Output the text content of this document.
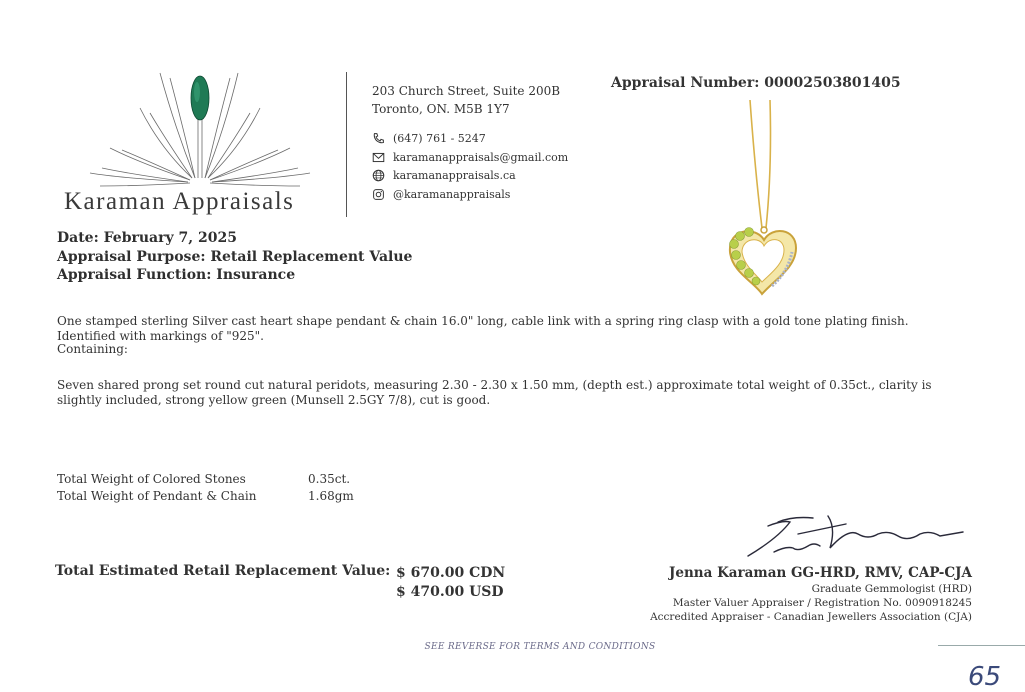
Karaman Appraisals
203 Church Street, Suite 200B
Toronto, ON. M5B 1Y7
(647) 761 - 5247
karamanappraisals@gmail.com
karamanappraisals.ca
@karamanappraisals
Appraisal Number: 00002503801405
Date: February 7, 2025
Appraisal Purpose: Retail Replacement Value
Appraisal Function: Insurance
One stamped sterling Silver cast heart shape pendant & chain 16.0" long, cable link with a spring ring clasp with a gold tone plating finish. Identified with markings of "925".
Containing:
Seven shared prong set round cut natural peridots, measuring 2.30 - 2.30 x 1.50 mm, (depth est.) approximate total weight of 0.35ct., clarity is slightly included, strong yellow green (Munsell 2.5GY 7/8), cut is good.
Total Weight of Colored Stones	0.35ct.
Total Weight of Pendant & Chain	1.68gm
Total Estimated Retail Replacement Value: $ 670.00 CDN
$ 470.00 USD
Jenna Karaman GG-HRD, RMV, CAP-CJA
Graduate Gemmologist (HRD)
Master Valuer Appraiser / Registration No. 0090918245
Accredited Appraiser - Canadian Jewellers Association (CJA)
SEE REVERSE FOR TERMS AND CONDITIONS
65
